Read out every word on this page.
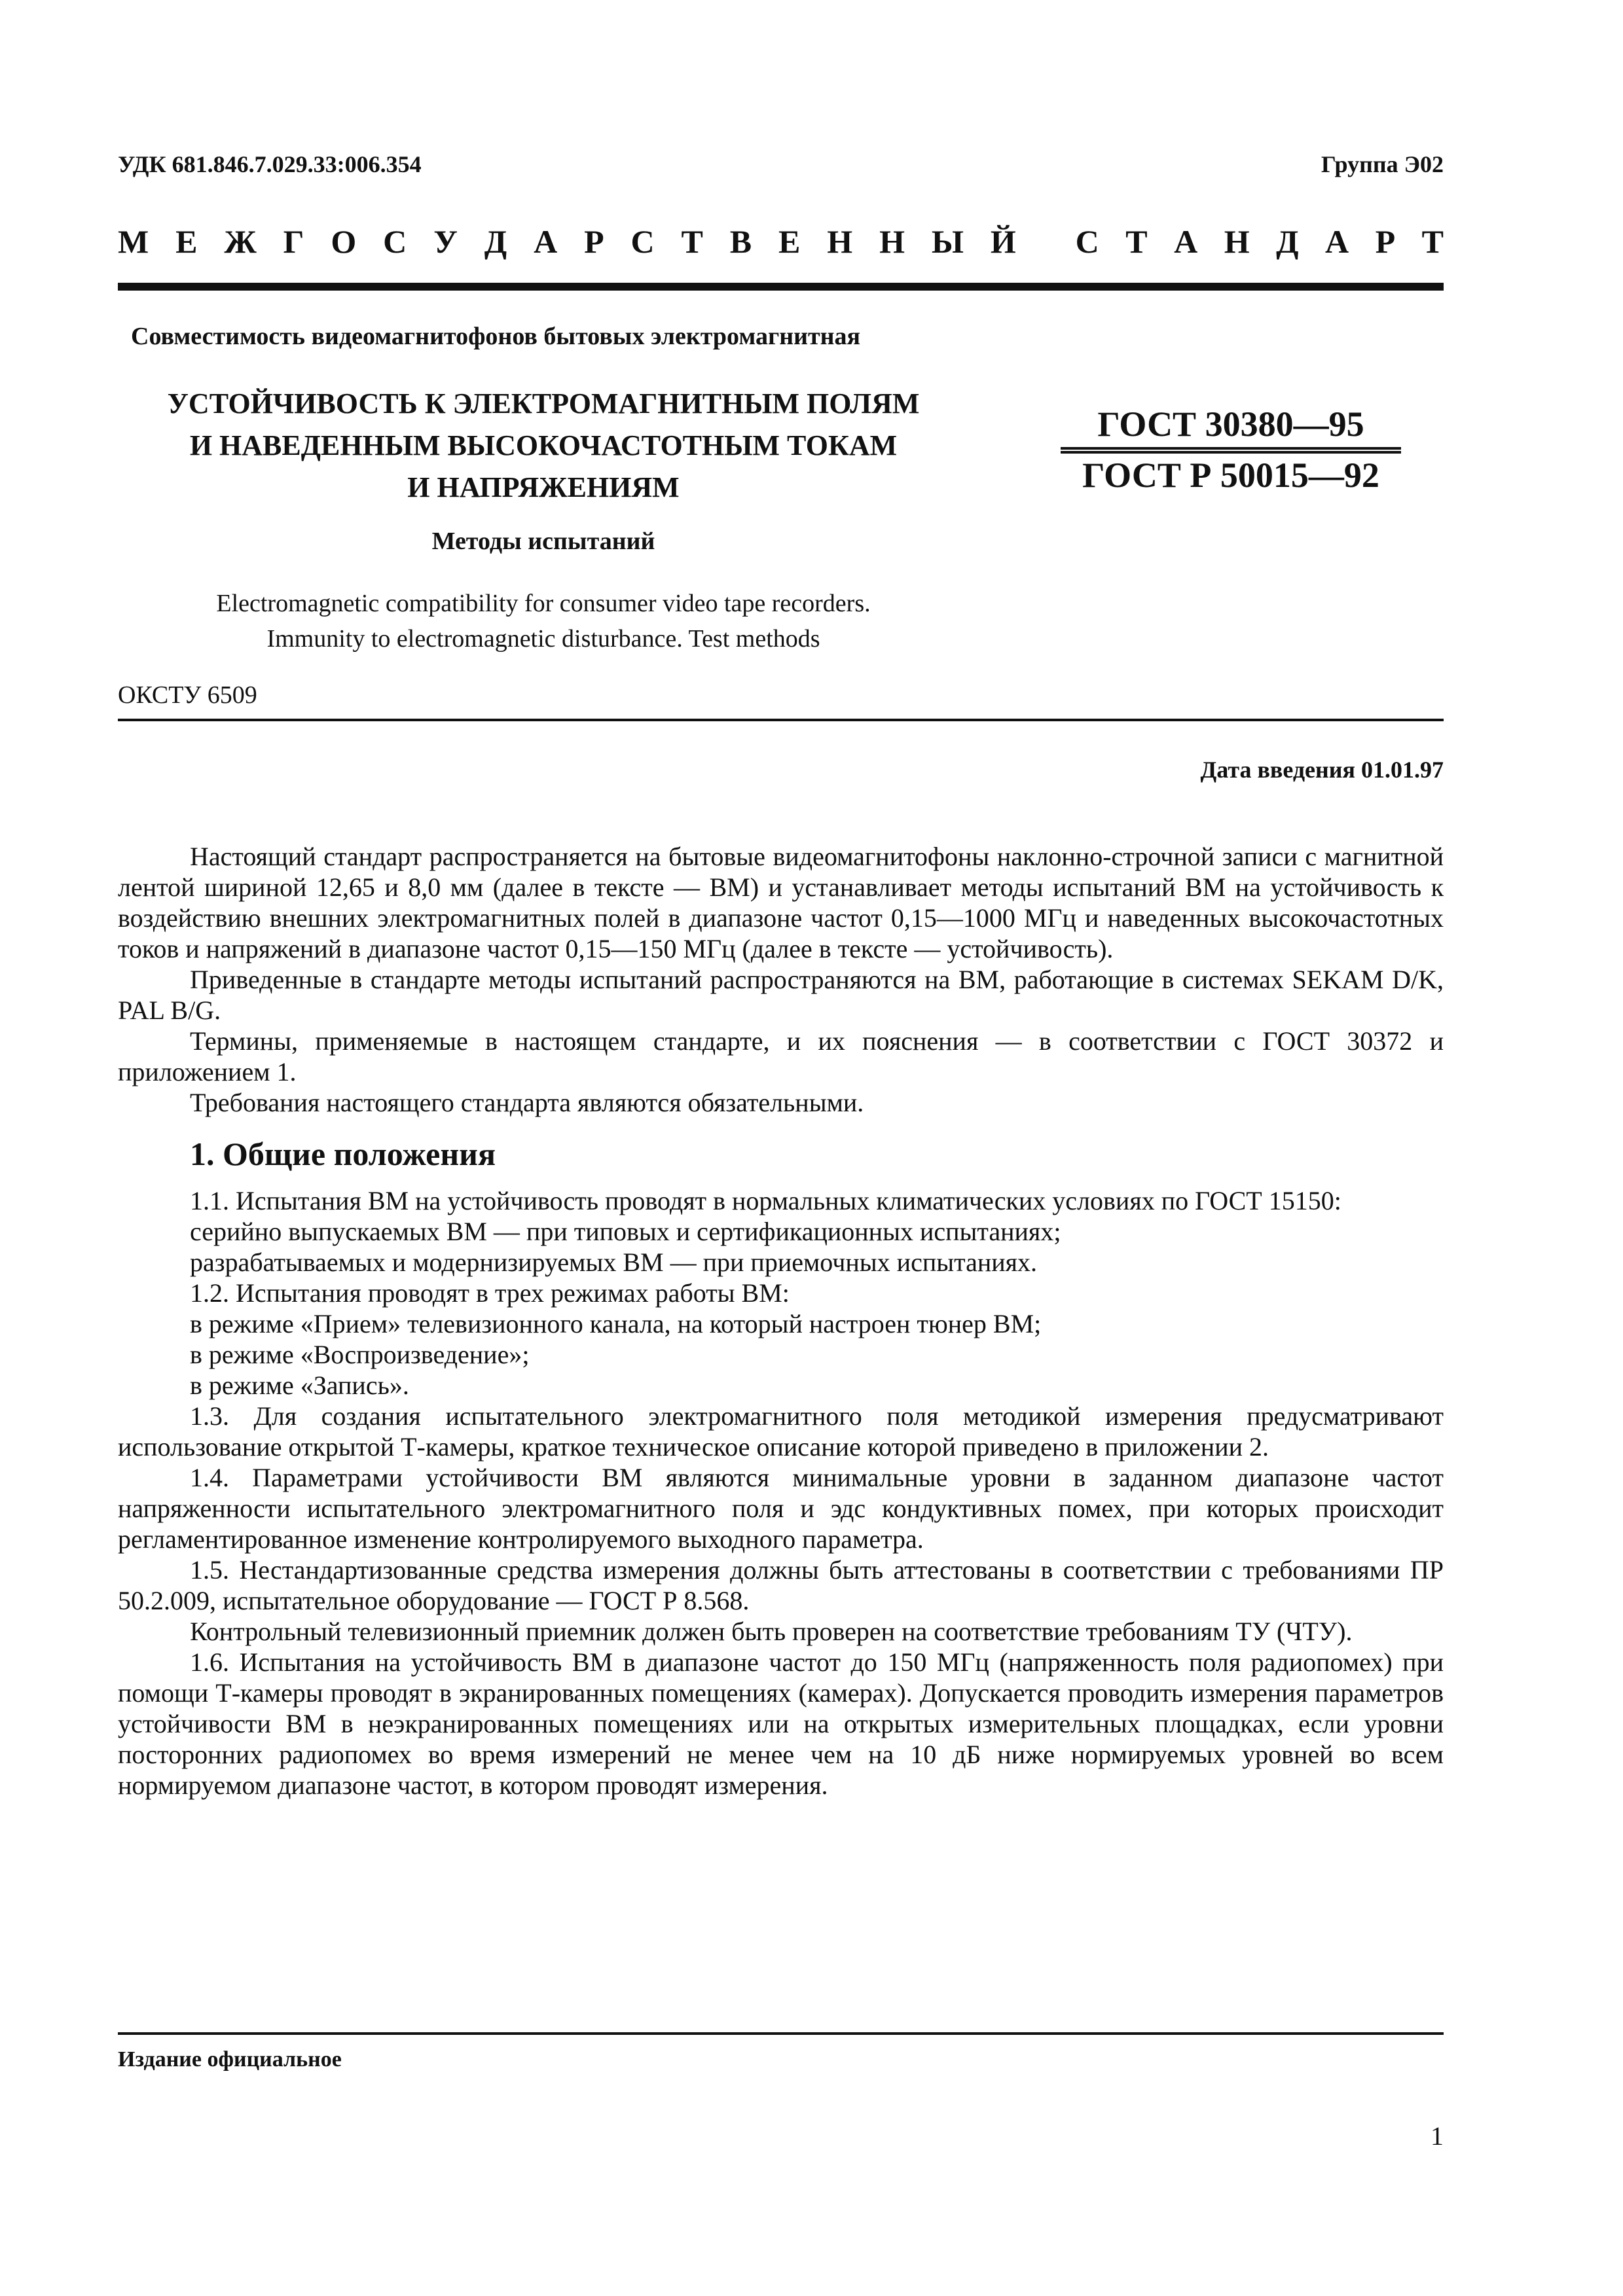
УДК 681.846.7.029.33:006.354	Группа Э02
М Е Ж Г О С У Д А Р С Т В Е Н Н Ы Й С Т А Н Д А Р Т
Совместимость видеомагнитофонов бытовых электромагнитная
УСТОЙЧИВОСТЬ К ЭЛЕКТРОМАГНИТНЫМ ПОЛЯМ
И НАВЕДЕННЫМ ВЫСОКОЧАСТОТНЫМ ТОКАМ
И НАПРЯЖЕНИЯМ
ГОСТ 30380—95
ГОСТ Р 50015—92
Методы испытаний
Electromagnetic compatibility for consumer video tape recorders.
Immunity to electromagnetic disturbance. Test methods
ОКСТУ 6509
Дата введения 01.01.97

Настоящий стандарт распространяется на бытовые видеомагнитофоны наклонно-строчной записи с магнитной лентой шириной 12,65 и 8,0 мм (далее в тексте — ВМ) и устанавливает методы испытаний ВМ на устойчивость к воздействию внешних электромагнитных полей в диапазоне частот 0,15—1000 МГц и наведенных высокочастотных токов и напряжений в диапазоне частот 0,15—150 МГц (далее в тексте — устойчивость).

Приведенные в стандарте методы испытаний распространяются на ВМ, работающие в системах SEKAM D/K, PAL B/G.

Термины, применяемые в настоящем стандарте, и их пояснения — в соответствии с ГОСТ 30372 и приложением 1.

Требования настоящего стандарта являются обязательными.

1. Общие положения

1.1. Испытания ВМ на устойчивость проводят в нормальных климатических условиях по ГОСТ 15150:

серийно выпускаемых ВМ — при типовых и сертификационных испытаниях;

разрабатываемых и модернизируемых ВМ — при приемочных испытаниях.

1.2. Испытания проводят в трех режимах работы ВМ:

в режиме «Прием» телевизионного канала, на который настроен тюнер ВМ;

в режиме «Воспроизведение»;

в режиме «Запись».

1.3. Для создания испытательного электромагнитного поля методикой измерения предусматривают использование открытой Т-камеры, краткое техническое описание которой приведено в приложении 2.

1.4. Параметрами устойчивости ВМ являются минимальные уровни в заданном диапазоне частот напряженности испытательного электромагнитного поля и эдс кондуктивных помех, при которых происходит регламентированное изменение контролируемого выходного параметра.

1.5. Нестандартизованные средства измерения должны быть аттестованы в соответствии с требованиями ПР 50.2.009, испытательное оборудование — ГОСТ Р 8.568.

Контрольный телевизионный приемник должен быть проверен на соответствие требованиям ТУ (ЧТУ).

1.6. Испытания на устойчивость ВМ в диапазоне частот до 150 МГц (напряженность поля радиопомех) при помощи Т-камеры проводят в экранированных помещениях (камерах). Допускается проводить измерения параметров устойчивости ВМ в неэкранированных помещениях или на открытых измерительных площадках, если уровни посторонних радиопомех во время измерений не менее чем на 10 дБ ниже нормируемых уровней во всем нормируемом диапазоне частот, в котором проводят измерения.

Издание официальное
1
